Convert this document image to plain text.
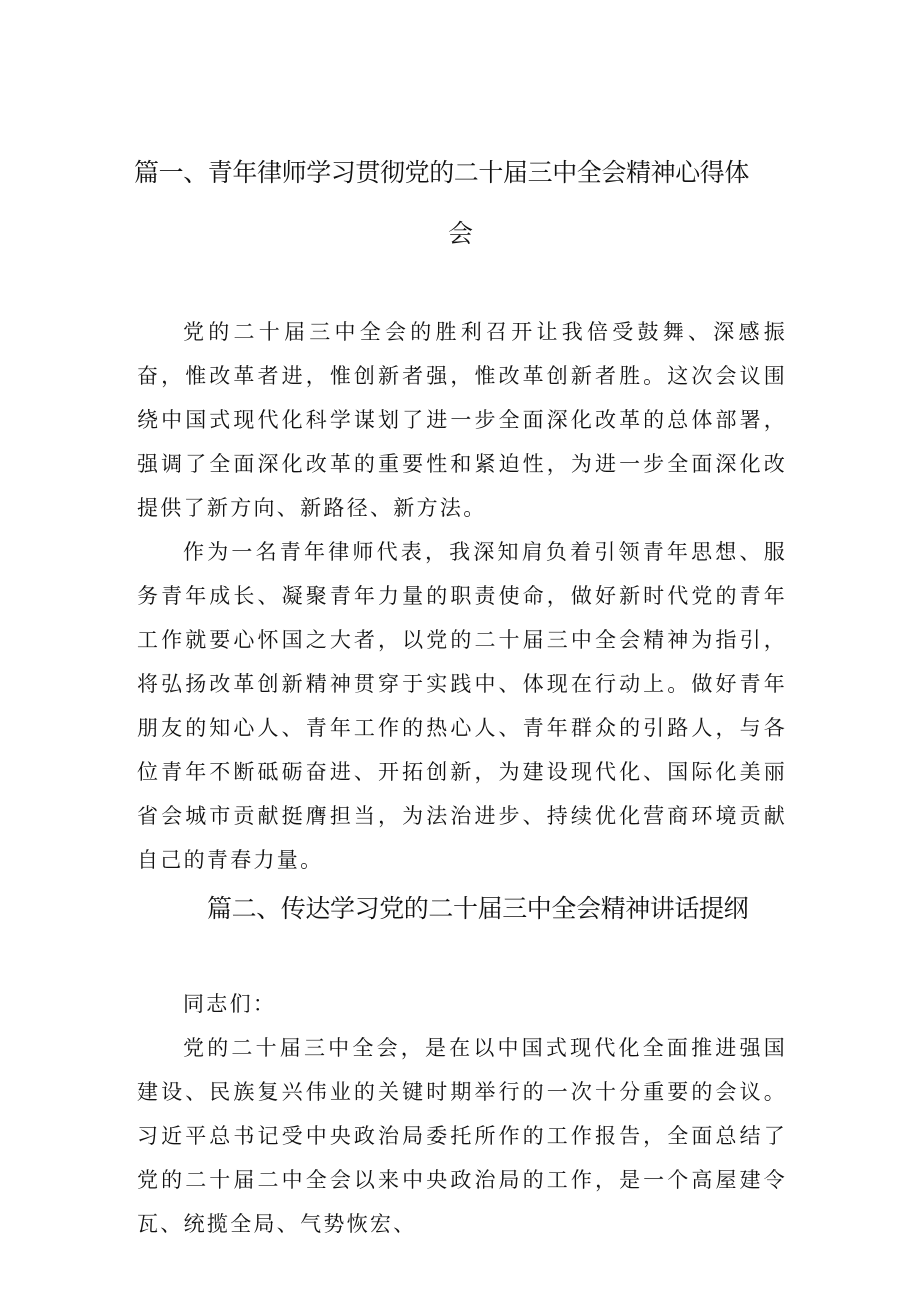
篇一、青年律师学习贯彻党的二十届三中全会精神心得体
会

党的二十届三中全会的胜利召开让我倍受鼓舞、深感振奋，惟改革者进，惟创新者强，惟改革创新者胜。这次会议围绕中国式现代化科学谋划了进一步全面深化改革的总体部署，强调了全面深化改革的重要性和紧迫性，为进一步全面深化改提供了新方向、新路径、新方法。

作为一名青年律师代表，我深知肩负着引领青年思想、服务青年成长、凝聚青年力量的职责使命，做好新时代党的青年工作就要心怀国之大者，以党的二十届三中全会精神为指引，将弘扬改革创新精神贯穿于实践中、体现在行动上。做好青年朋友的知心人、青年工作的热心人、青年群众的引路人，与各位青年不断砥砺奋进、开拓创新，为建设现代化、国际化美丽省会城市贡献挺膺担当，为法治进步、持续优化营商环境贡献自己的青春力量。

篇二、传达学习党的二十届三中全会精神讲话提纲

同志们：

党的二十届三中全会，是在以中国式现代化全面推进强国建设、民族复兴伟业的关键时期举行的一次十分重要的会议。习近平总书记受中央政治局委托所作的工作报告，全面总结了党的二十届二中全会以来中央政治局的工作，是一个高屋建令瓦、统揽全局、气势恢宏、
